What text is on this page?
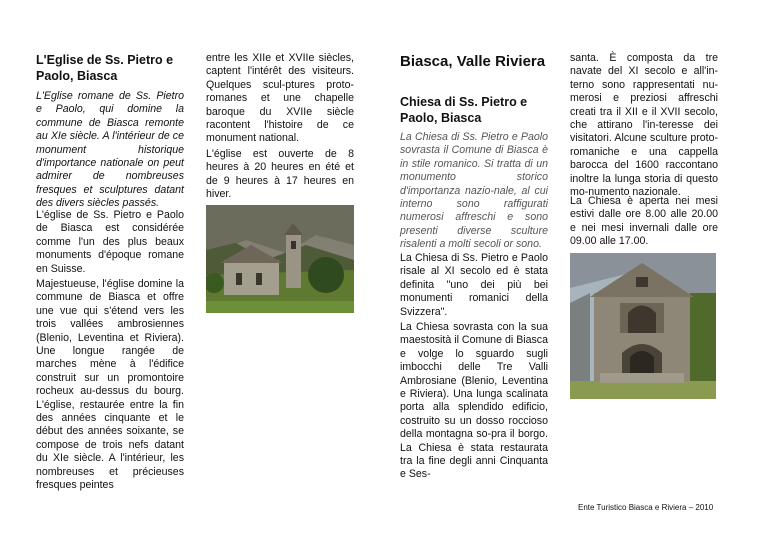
L'Eglise de Ss. Pietro e Paolo, Biasca

L'Eglise romane de Ss. Pietro e Paolo, qui domine la commune de Biasca remonte au XIe siècle. A l'intérieur de ce monument historique d'importance nationale on peut admirer de nombreuses fresques et sculptures datant des divers siècles passés.

L'église de Ss. Pietro e Paolo de Biasca est considérée comme l'un des plus beaux monuments d'époque romane en Suisse.

Majestueuse, l'église domine la commune de Biasca et offre une vue qui s'étend vers les trois vallées ambrosiennes (Blenio, Leventina et Riviera). Une longue rangée de marches mène à l'édifice construit sur un promontoire rocheux au-dessus du bourg. L'église, restaurée entre la fin des années cinquante et le début des années soixante, se compose de trois nefs datant du XIe siècle. A l'intérieur, les nombreuses et précieuses fresques peintes

entre les XIIe et XVIIe siècles, captent l'intérêt des visiteurs. Quelques scul-ptures proto-romanes et une chapelle baroque du XVIIe siècle racontent l'histoire de ce monument national.

L'église est ouverte de 8 heures à 20 heures en été et de 9 heures à 17 heures en hiver.

Biasca, Valle Riviera

Chiesa di Ss. Pietro e Paolo, Biasca

La Chiesa di Ss. Pietro e Paolo sovrasta il Comune di Biasca è in stile romanico. Si tratta di un monumento storico d'importanza nazio-nale, al cui interno sono raffigurati numerosi affreschi e sono presenti diverse sculture risalenti a molti secoli or sono.

La Chiesa di Ss. Pietro e Paolo risale al XI secolo ed è stata definita "uno dei più bei monumenti romanici della Svizzera".

La Chiesa sovrasta con la sua maestosità il Comune di Biasca e volge lo sguardo sugli imbocchi delle Tre Valli Ambrosiane (Blenio, Leventina e Riviera). Una lunga scalinata porta alla splendido edificio, costruito su un dosso roccioso della montagna so-pra il borgo. La Chiesa è stata restaurata tra la fine degli anni Cinquanta e Ses-

santa. È composta da tre navate del XI secolo e all'in-terno sono rappresentati nu-merosi e preziosi affreschi creati tra il XII e il XVII secolo, che attirano l'in-teresse dei visitatori. Alcune sculture proto-romaniche e una cappella barocca del 1600 raccontano inoltre la lunga storia di questo mo-numento nazionale.

La Chiesa è aperta nei mesi estivi dalle ore 8.00 alle 20.00 e nei mesi invernali dalle ore 09.00 alle 17.00.

Ente Turistico Biasca e Riviera – 2010
